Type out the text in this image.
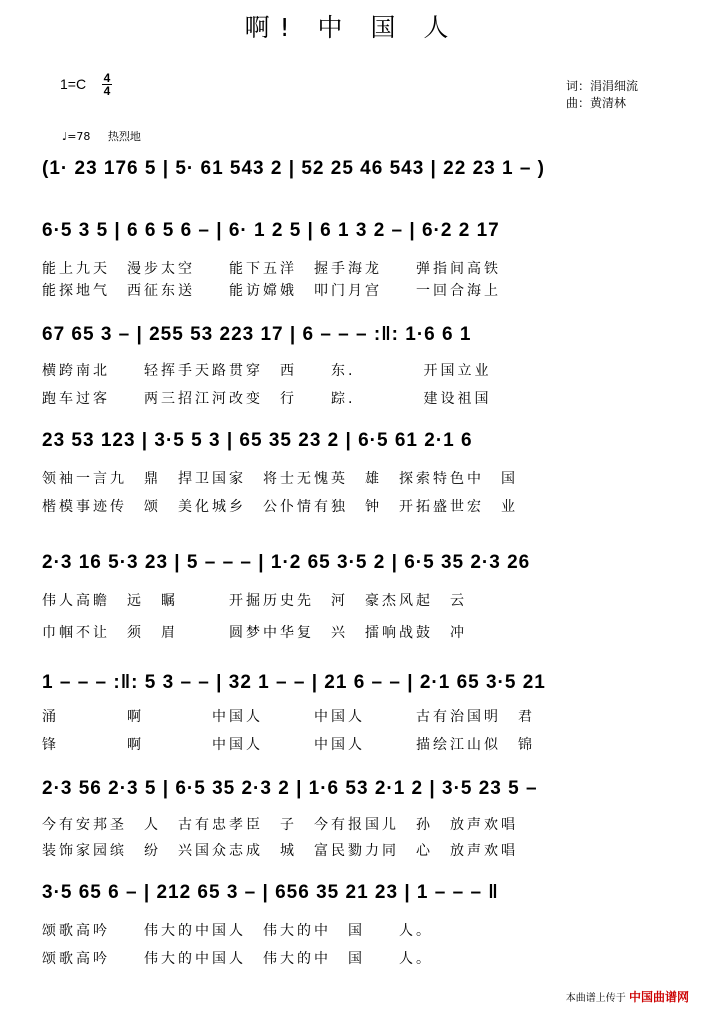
啊! 中 国 人
1=C 4
4	词：涓涓细流
曲：黄清林
♩=78 热烈地
(1· 23 176 5 | 5· 61 543 2 | 52 25 46 543 | 22 23 1 – )
6·5 3 5 | 6 6 5 6 – | 6· 1 2 5 | 6 1 3 2 – | 6·2 2 17
能上九天　漫步太空　　能下五洋　握手海龙　　弹指间高铁
能探地气　西征东送　　能访嫦娥　叩门月宫　　一回合海上
67 65 3 – | 255 53 223 17 | 6 – – – :‖: 1·6 6 1
横跨南北　　轻挥手天路贯穿　西　　东.　　　　开国立业
跑车过客　　两三招江河改变　行　　踪.　　　　建设祖国
23 53 123 | 3·5 5 3 | 65 35 23 2 | 6·5 61 2·1 6
领袖一言九　鼎　捍卫国家　将士无愧英　雄　探索特色中　国
楷模事迹传　颂　美化城乡　公仆情有独　钟　开拓盛世宏　业
2·3 16 5·3 23 | 5 – – – | 1·2 65 3·5 2 | 6·5 35 2·3 26
伟人高瞻　远　瞩　　　开掘历史先　河　豪杰风起　云
巾帼不让　须　眉　　　圆梦中华复　兴　擂响战鼓　冲
1 – – – :‖: 5 3 – – | 32 1 – – | 21 6 – – | 2·1 65 3·5 21
涌　　　　啊　　　　中国人　　　中国人　　　古有治国明　君
锋　　　　啊　　　　中国人　　　中国人　　　描绘江山似　锦
2·3 56 2·3 5 | 6·5 35 2·3 2 | 1·6 53 2·1 2 | 3·5 23 5 –
今有安邦圣　人　古有忠孝臣　子　今有报国儿　孙　放声欢唱
装饰家园缤　纷　兴国众志成　城　富民勠力同　心　放声欢唱
3·5 65 6 – | 212 65 3 – | 656 35 21 23 | 1 – – – ‖
颂歌高吟　　伟大的中国人　伟大的中　国　　人。
颂歌高吟　　伟大的中国人　伟大的中　国　　人。
本曲谱上传于 中国曲谱网
